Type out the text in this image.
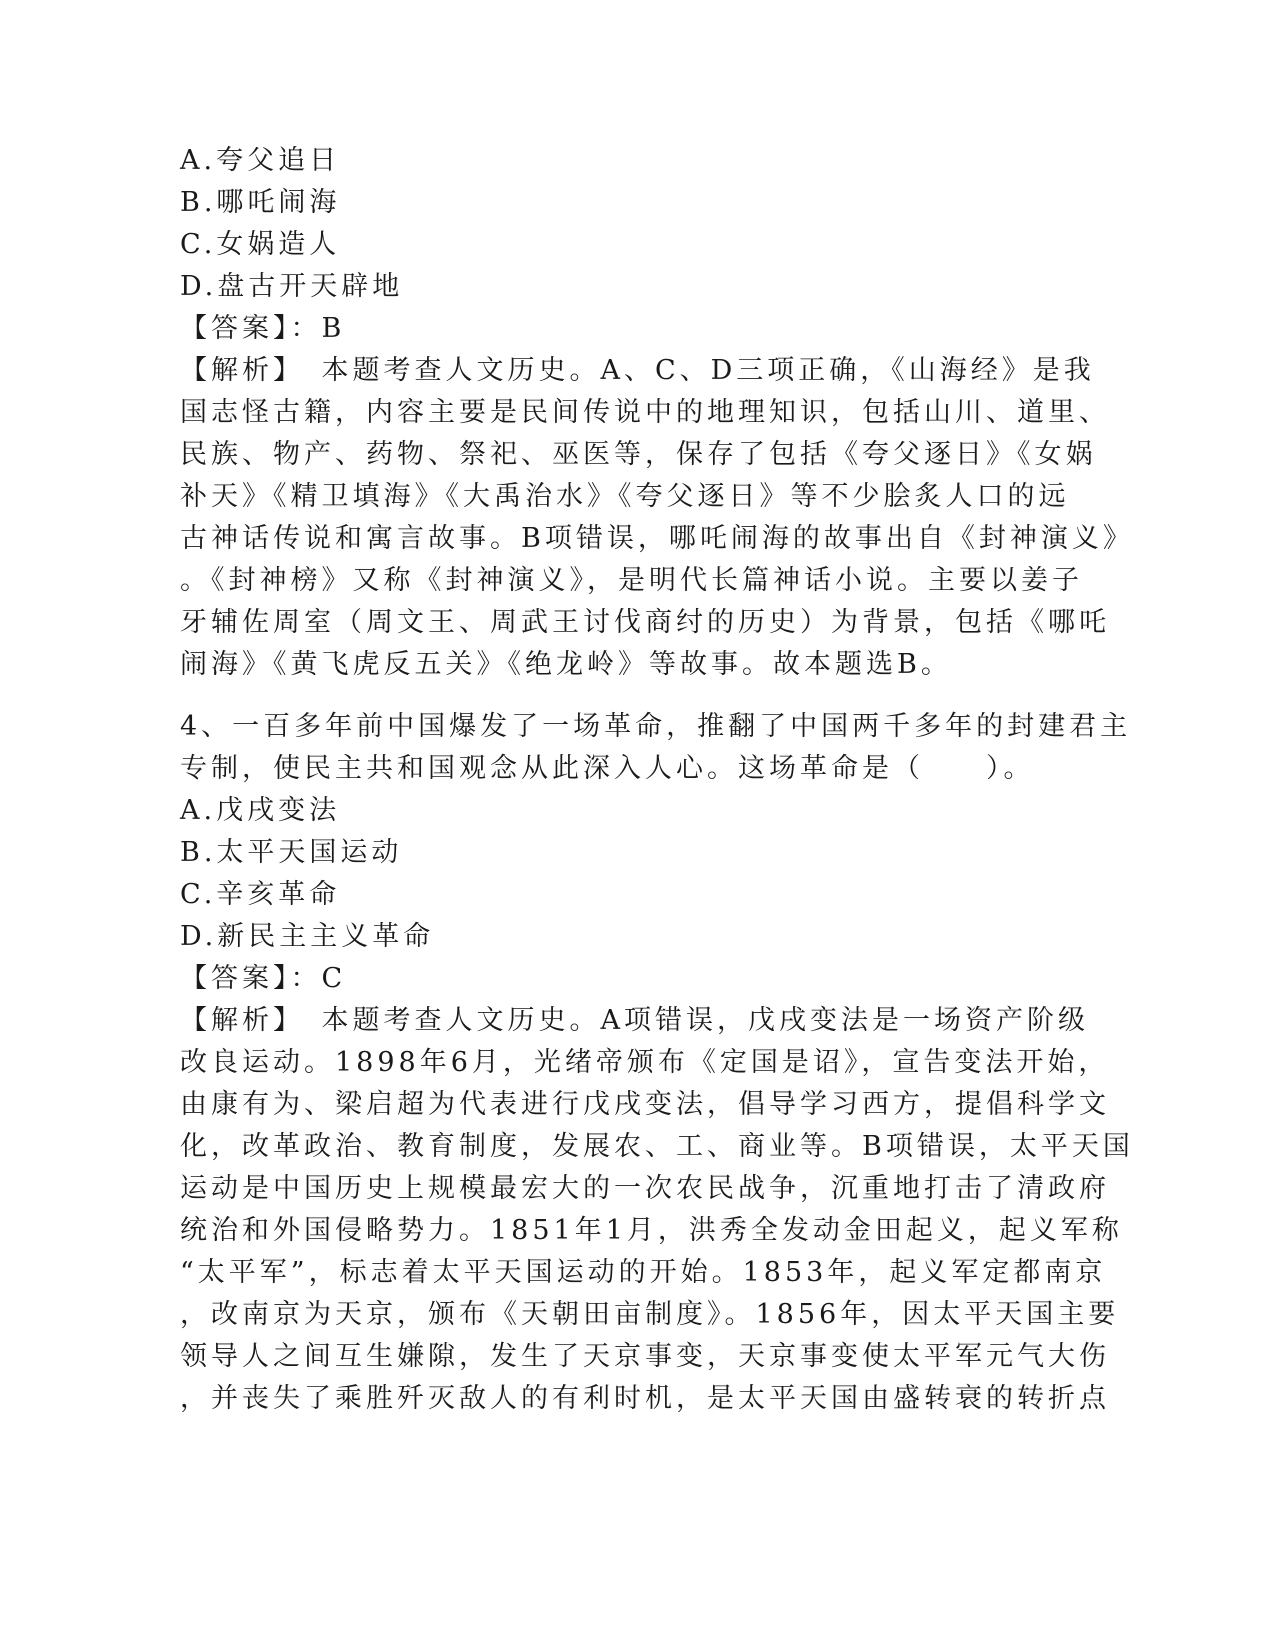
A.夸父追日
B.哪吒闹海
C.女娲造人
D.盘古开天辟地
【答案】：B
【解析】　本题考查人文历史。A、C、D三项正确，《山海经》是我
国志怪古籍，内容主要是民间传说中的地理知识，包括山川、道里、
民族、物产、药物、祭祀、巫医等，保存了包括《夸父逐日》《女娲
补天》《精卫填海》《大禹治水》《夸父逐日》等不少脍炙人口的远
古神话传说和寓言故事。B项错误，哪吒闹海的故事出自《封神演义》
。《封神榜》又称《封神演义》，是明代长篇神话小说。主要以姜子
牙辅佐周室（周文王、周武王讨伐商纣的历史）为背景，包括《哪吒
闹海》《黄飞虎反五关》《绝龙岭》等故事。故本题选B。
4、一百多年前中国爆发了一场革命，推翻了中国两千多年的封建君主
专制，使民主共和国观念从此深入人心。这场革命是（　　）。
A.戊戌变法
B.太平天国运动
C.辛亥革命
D.新民主主义革命
【答案】：C
【解析】　本题考查人文历史。A项错误，戊戌变法是一场资产阶级
改良运动。1898年6月，光绪帝颁布《定国是诏》，宣告变法开始，
由康有为、梁启超为代表进行戊戌变法，倡导学习西方，提倡科学文
化，改革政治、教育制度，发展农、工、商业等。B项错误，太平天国
运动是中国历史上规模最宏大的一次农民战争，沉重地打击了清政府
统治和外国侵略势力。1851年1月，洪秀全发动金田起义，起义军称
“太平军”，标志着太平天国运动的开始。1853年，起义军定都南京
，改南京为天京，颁布《天朝田亩制度》。1856年，因太平天国主要
领导人之间互生嫌隙，发生了天京事变，天京事变使太平军元气大伤
，并丧失了乘胜歼灭敌人的有利时机，是太平天国由盛转衰的转折点
